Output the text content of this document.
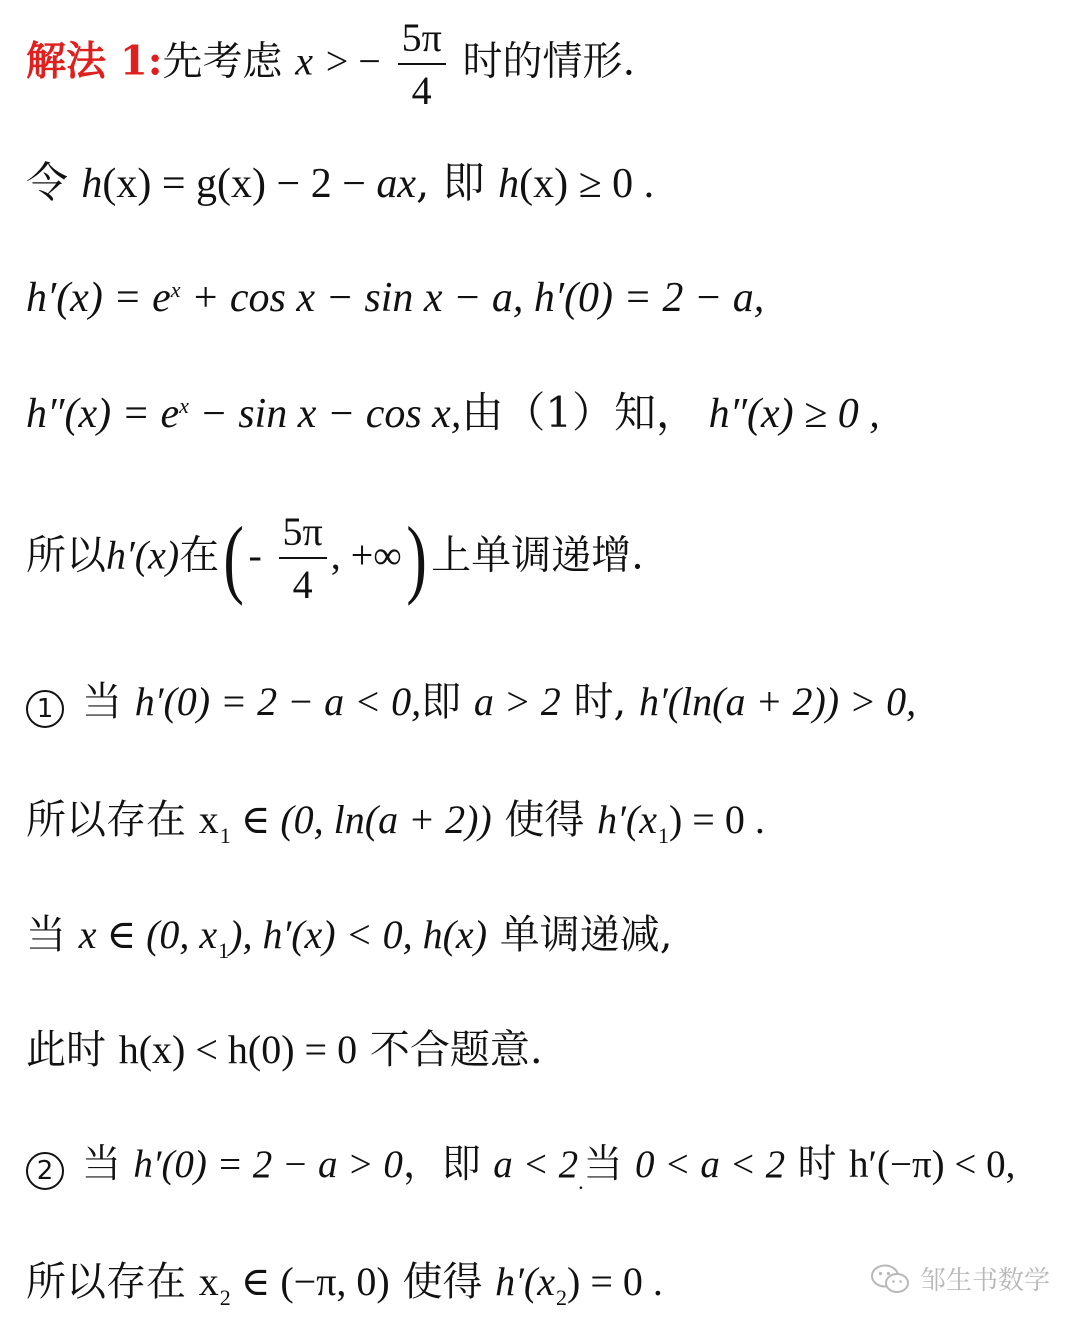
解法 1:先考虑 x > − $\frac{5\pi}{4}$ 时的情形.
令 h(x) = g(x) − 2 − ax, 即 h(x) ≥ 0 .
$h'(x) = e^x + \cos x - \sin x - a$, h′(0) = 2 − a,
$h''(x) = e^x - \sin x - \cos x$,由（1）知， h″(x) ≥ 0 ,
所以h′(x)在( - $\frac{5\pi}{4}$ , +∞) 上单调递增.
1 当 h′(0) = 2 − a < 0,即 a > 2 时, h′(ln(a + 2)) > 0,
所以存在 $x_1$ ∈ (0, ln(a + 2)) 使得 $h'(x_1) = 0$ .
当 x ∈ (0, $x_1$), h′(x) < 0, h(x) 单调递减,
此时 h(x) < h(0) = 0 不合题意.
2 当 h′(0) = 2 − a > 0，即 $a < 2_.$当 0 < a < 2 时 h′(−π) < 0,
所以存在 $x_2$ ∈ (−π, 0) 使得 $h'(x_2) = 0$ .	邹生书数学
